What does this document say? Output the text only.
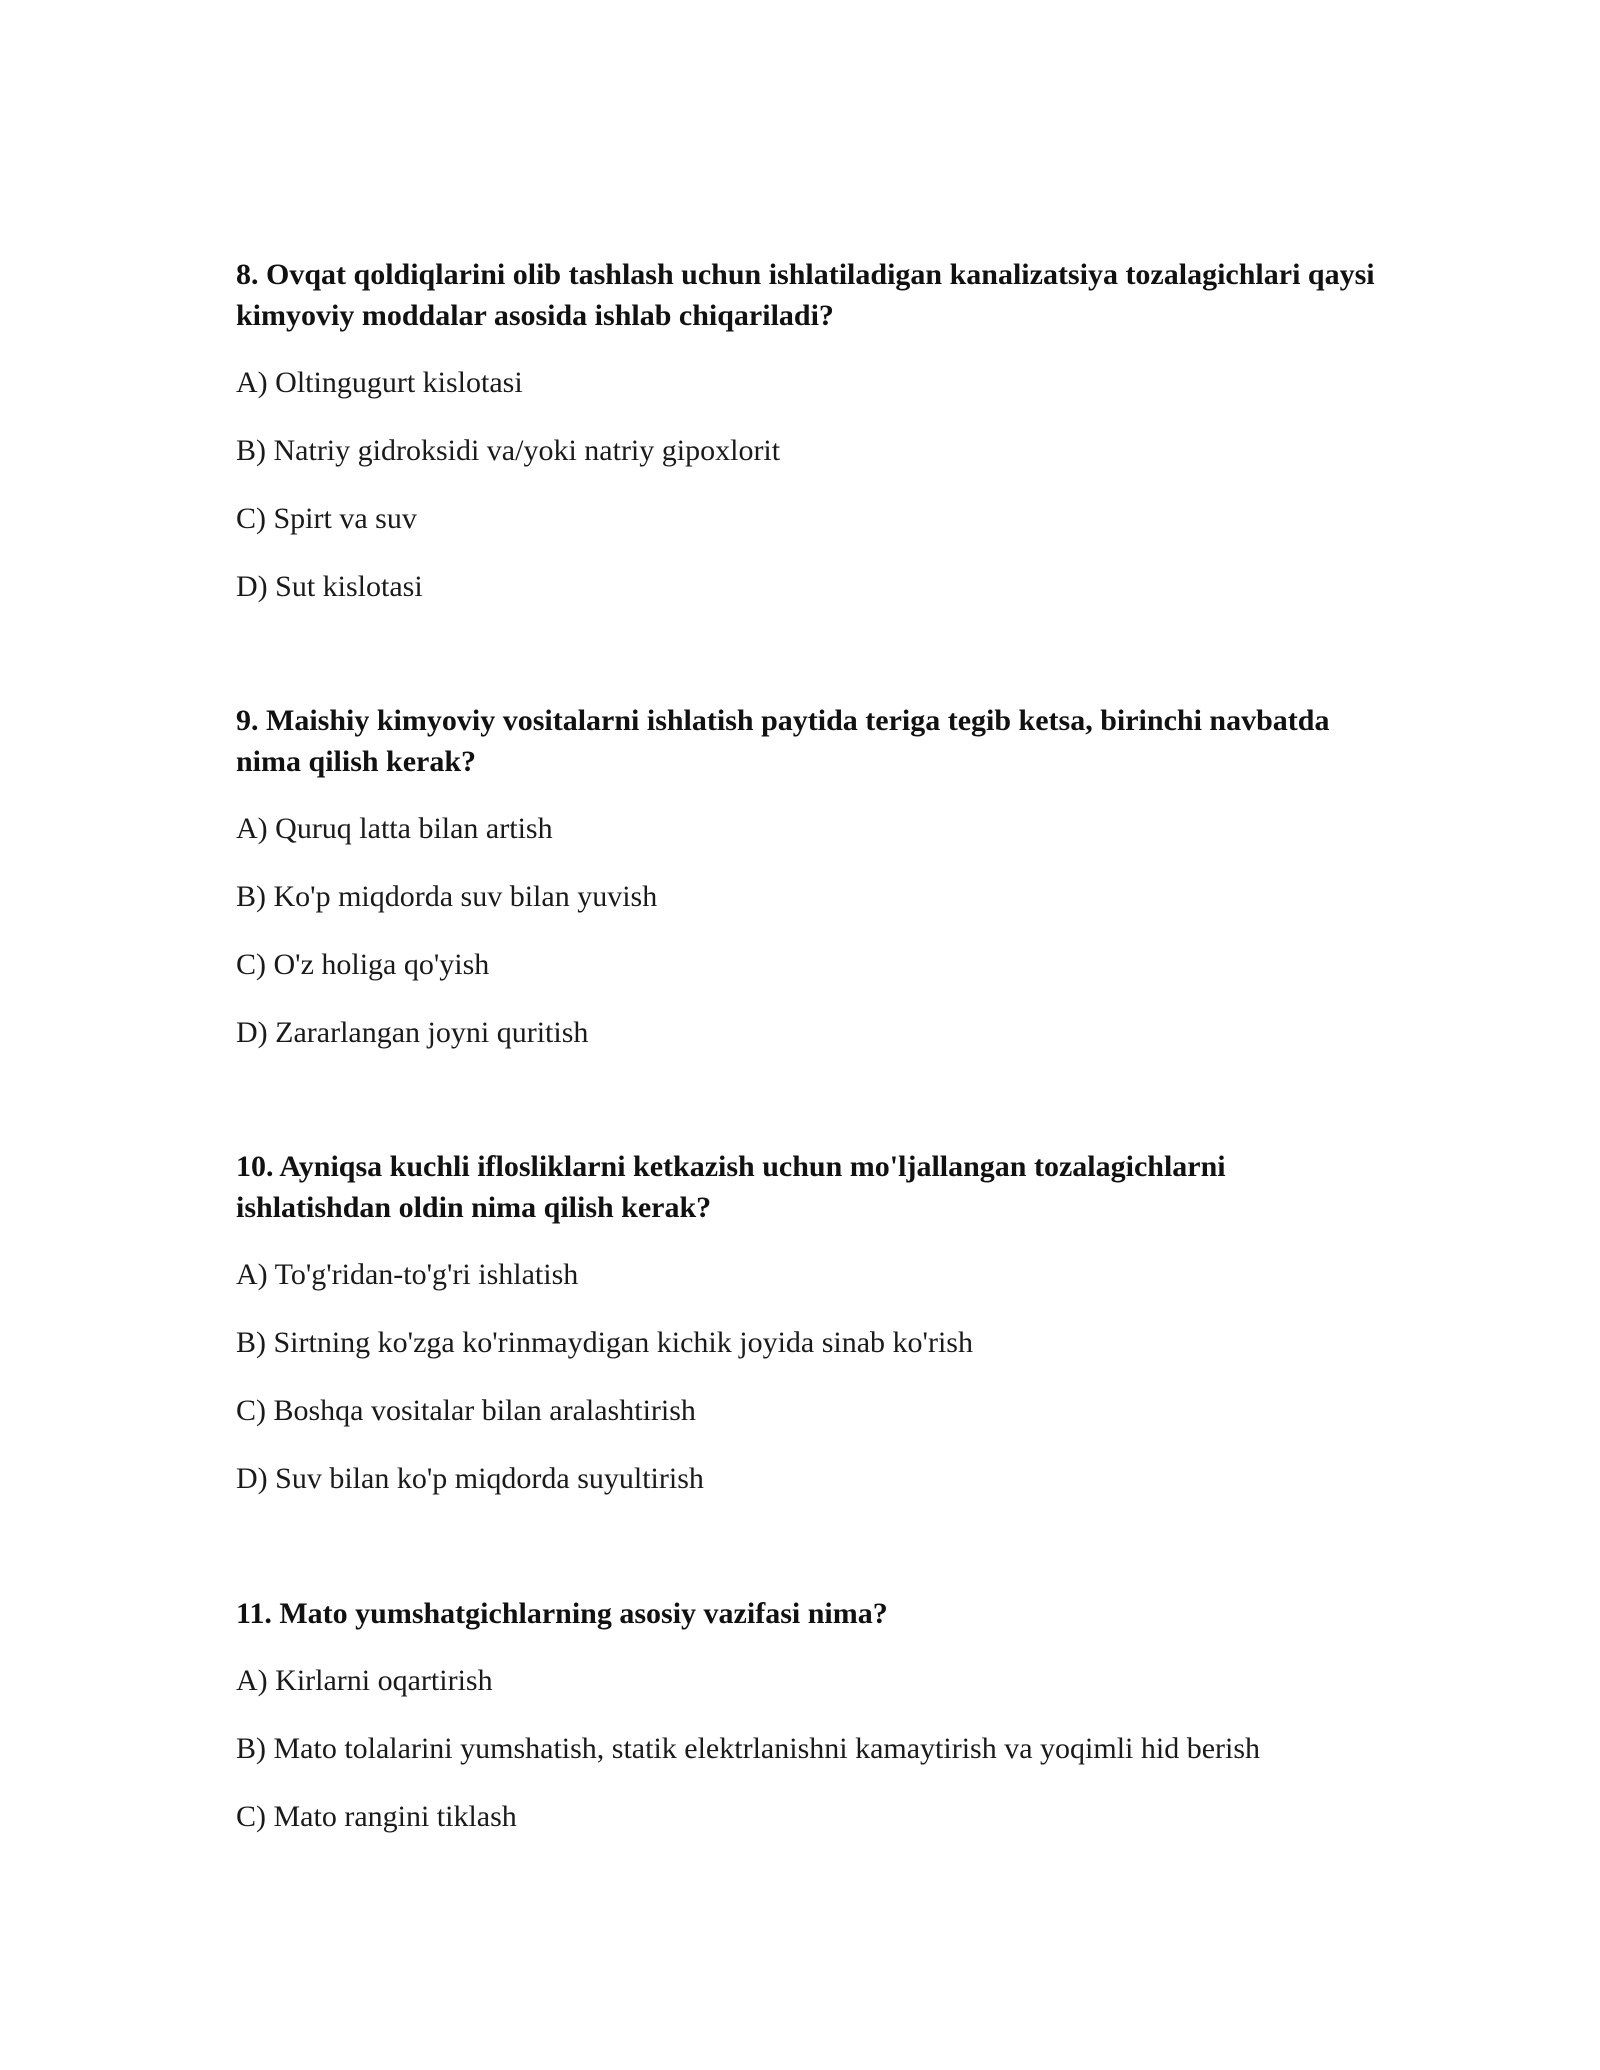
8. Ovqat qoldiqlarini olib tashlash uchun ishlatiladigan kanalizatsiya tozalagichlari qaysi kimyoviy moddalar asosida ishlab chiqariladi?

A) Oltingugurt kislotasi
B) Natriy gidroksidi va/yoki natriy gipoxlorit
C) Spirt va suv
D) Sut kislotasi

9. Maishiy kimyoviy vositalarni ishlatish paytida teriga tegib ketsa, birinchi navbatda nima qilish kerak?

A) Quruq latta bilan artish
B) Ko'p miqdorda suv bilan yuvish
C) O'z holiga qo'yish
D) Zararlangan joyni quritish

10. Ayniqsa kuchli iflosliklarni ketkazish uchun mo'ljallangan tozalagichlarni ishlatishdan oldin nima qilish kerak?

A) To'g'ridan-to'g'ri ishlatish
B) Sirtning ko'zga ko'rinmaydigan kichik joyida sinab ko'rish
C) Boshqa vositalar bilan aralashtirish
D) Suv bilan ko'p miqdorda suyultirish

11. Mato yumshatgichlarning asosiy vazifasi nima?

A) Kirlarni oqartirish
B) Mato tolalarini yumshatish, statik elektrlanishni kamaytirish va yoqimli hid berish
C) Mato rangini tiklash
